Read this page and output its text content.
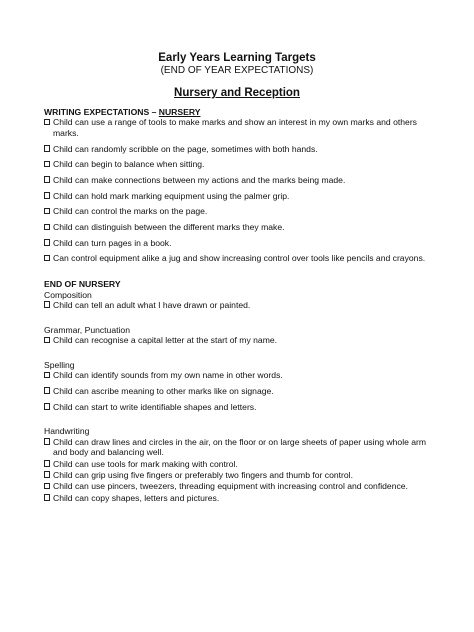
Early Years Learning Targets
(END OF YEAR EXPECTATIONS)
Nursery and Reception

WRITING EXPECTATIONS – NURSERY

Child can use a range of tools to make marks and show an interest in my own marks and others marks.
Child can randomly scribble on the page, sometimes with both hands.
Child can begin to balance when sitting.
Child can make connections between my actions and the marks being made.
Child can hold mark marking equipment using the palmer grip.
Child can control the marks on the page.
Child can distinguish between the different marks they make.
Child can turn pages in a book.
Can control equipment alike a jug and show increasing control over tools like pencils and crayons.

END OF NURSERY

Composition

Child can tell an adult what I have drawn or painted.

Grammar, Punctuation

Child can recognise a capital letter at the start of my name.

Spelling

Child can identify sounds from my own name in other words.
Child can ascribe meaning to other marks like on signage.
Child can start to write identifiable shapes and letters.

Handwriting

Child can draw lines and circles in the air, on the floor or on large sheets of paper using whole arm and body and balancing well.
Child can use tools for mark making with control.
Child can grip using five fingers or preferably two fingers and thumb for control.
Child can use pincers, tweezers, threading equipment with increasing control and confidence.
Child can copy shapes, letters and pictures.
